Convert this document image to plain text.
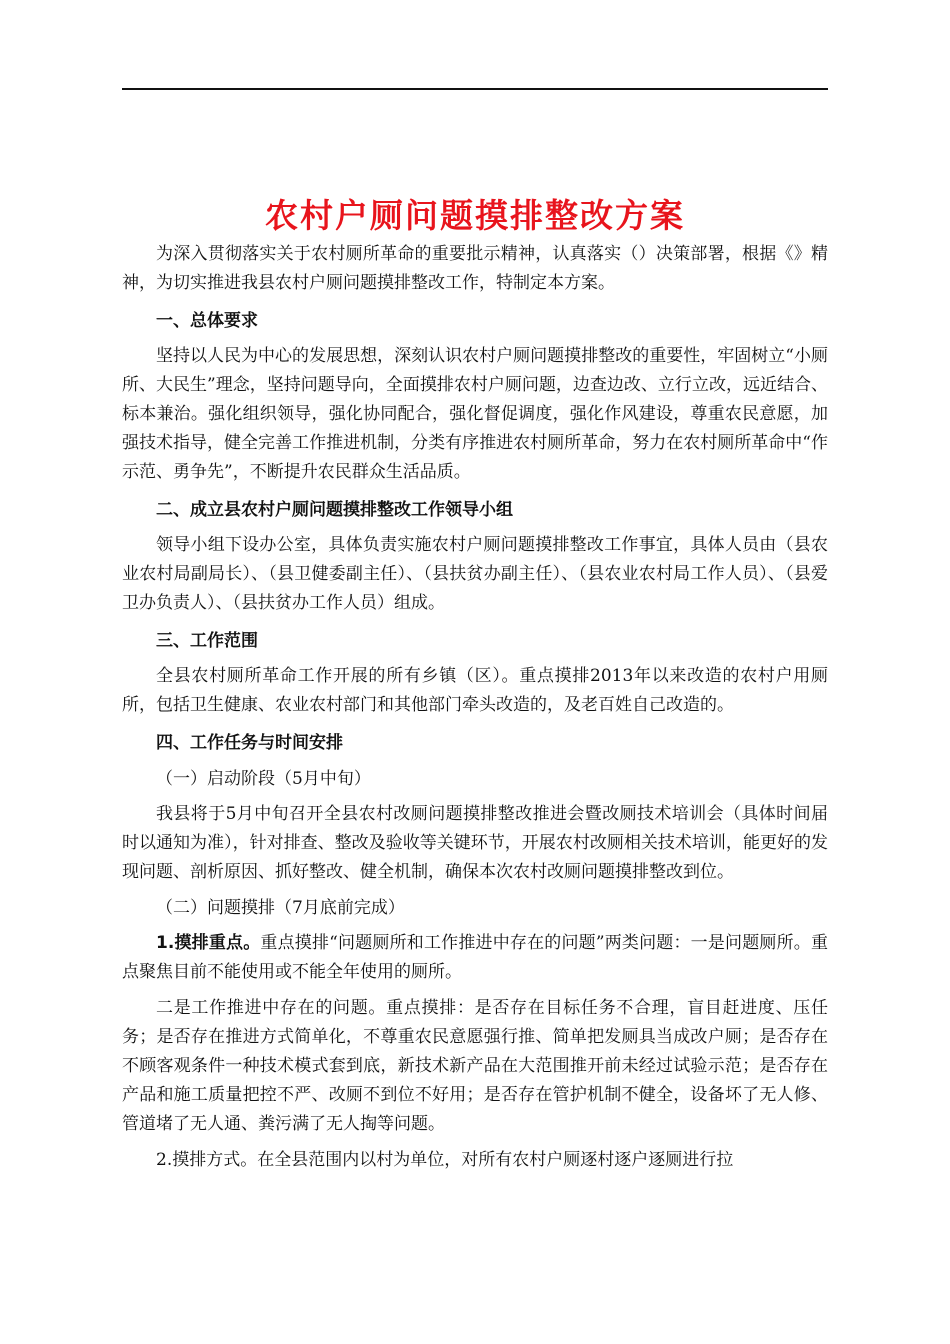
农村户厕问题摸排整改方案

为深入贯彻落实关于农村厕所革命的重要批示精神，认真落实（）决策部署，根据《》精神，为切实推进我县农村户厕问题摸排整改工作，特制定本方案。

一、总体要求

坚持以人民为中心的发展思想，深刻认识农村户厕问题摸排整改的重要性，牢固树立“小厕所、大民生”理念，坚持问题导向，全面摸排农村户厕问题，边查边改、立行立改，远近结合、标本兼治。强化组织领导，强化协同配合，强化督促调度，强化作风建设，尊重农民意愿，加强技术指导，健全完善工作推进机制，分类有序推进农村厕所革命，努力在农村厕所革命中“作示范、勇争先”，不断提升农民群众生活品质。

二、成立县农村户厕问题摸排整改工作领导小组

领导小组下设办公室，具体负责实施农村户厕问题摸排整改工作事宜，具体人员由（县农业农村局副局长）、（县卫健委副主任）、（县扶贫办副主任）、（县农业农村局工作人员）、（县爱卫办负责人）、（县扶贫办工作人员）组成。

三、工作范围

全县农村厕所革命工作开展的所有乡镇（区）。重点摸排2013年以来改造的农村户用厕所，包括卫生健康、农业农村部门和其他部门牵头改造的，及老百姓自己改造的。

四、工作任务与时间安排

（一）启动阶段（5月中旬）

我县将于5月中旬召开全县农村改厕问题摸排整改推进会暨改厕技术培训会（具体时间届时以通知为准），针对排查、整改及验收等关键环节，开展农村改厕相关技术培训，能更好的发现问题、剖析原因、抓好整改、健全机制，确保本次农村改厕问题摸排整改到位。

（二）问题摸排（7月底前完成）

1.摸排重点。重点摸排“问题厕所和工作推进中存在的问题”两类问题：一是问题厕所。重点聚焦目前不能使用或不能全年使用的厕所。

二是工作推进中存在的问题。重点摸排：是否存在目标任务不合理，盲目赶进度、压任务；是否存在推进方式简单化，不尊重农民意愿强行推、简单把发厕具当成改户厕；是否存在不顾客观条件一种技术模式套到底，新技术新产品在大范围推开前未经过试验示范；是否存在产品和施工质量把控不严、改厕不到位不好用；是否存在管护机制不健全，设备坏了无人修、管道堵了无人通、粪污满了无人掏等问题。

2.摸排方式。在全县范围内以村为单位，对所有农村户厕逐村逐户逐厕进行拉
